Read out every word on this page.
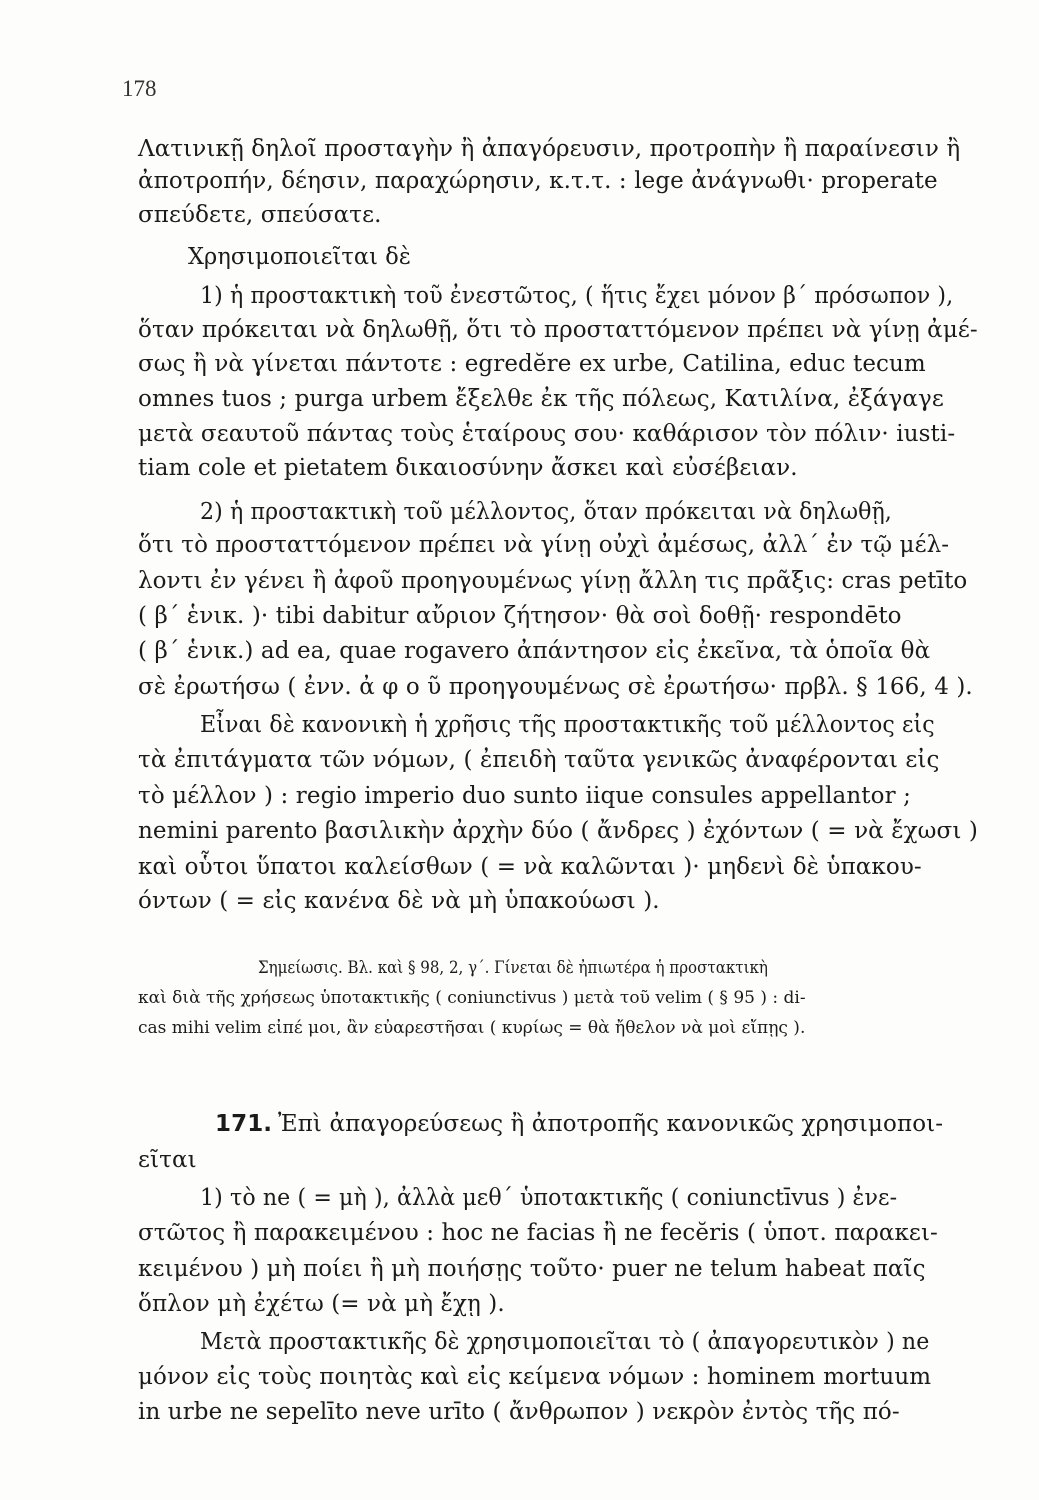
178
Λατινικῇ δηλοῖ προσταγὴν ἢ ἀπαγόρευσιν, προτροπὴν ἢ παραίνεσιν ἢ
ἀποτροπήν, δέησιν, παραχώρησιν, κ.τ.τ. : lege ἀνάγνωθι· properate
σπεύδετε, σπεύσατε.
Χρησιμοποιεῖται δὲ
1) ἡ προστακτικὴ τοῦ ἐνεστῶτος, ( ἥτις ἔχει μόνον β΄ πρόσωπον ),
ὅταν πρόκειται νὰ δηλωθῇ, ὅτι τὸ προσταττόμενον πρέπει νὰ γίνῃ ἀμέ-
σως ἢ νὰ γίνεται πάντοτε : egredĕre ex urbe, Catilina, educ tecum
omnes tuos ; purga urbem ἔξελθε ἐκ τῆς πόλεως, Κατιλίνα, ἐξάγαγε
μετὰ σεαυτοῦ πάντας τοὺς ἑταίρους σου· καθάρισον τὸν πόλιν· iusti-
tiam cole et pietatem δικαιοσύνην ἄσκει καὶ εὐσέβειαν.
2) ἡ προστακτικὴ τοῦ μέλλοντος, ὅταν πρόκειται νὰ δηλωθῇ,
ὅτι τὸ προσταττόμενον πρέπει νὰ γίνῃ οὐχὶ ἀμέσως, ἀλλ΄ ἐν τῷ μέλ-
λοντι ἐν γένει ἢ ἀφοῦ προηγουμένως γίνῃ ἄλλη τις πρᾶξις: cras petīto
( β΄ ἑνικ. )· tibi dabitur αὔριον ζήτησον· θὰ σοὶ δοθῇ· respondēto
( β΄ ἑνικ.) ad ea, quae rogavero ἀπάντησον εἰς ἐκεῖνα, τὰ ὁποῖα θὰ
σὲ ἐρωτήσω ( ἐνν. ἀ φ ο ῦ προηγουμένως σὲ ἐρωτήσω· πρβλ. § 166, 4 ).
Εἶναι δὲ κανονικὴ ἡ χρῆσις τῆς προστακτικῆς τοῦ μέλλοντος εἰς
τὰ ἐπιτάγματα τῶν νόμων, ( ἐπειδὴ ταῦτα γενικῶς ἀναφέρονται εἰς
τὸ μέλλον ) : regio imperio duo sunto iique consules appellantor ;
nemini parento βασιλικὴν ἀρχὴν δύο ( ἄνδρες ) ἐχόντων ( = νὰ ἔχωσι )
καὶ οὗτοι ὕπατοι καλείσθων ( = νὰ καλῶνται )· μηδενὶ δὲ ὑπακου-
όντων ( = εἰς κανένα δὲ νὰ μὴ ὑπακούωσι ).
Σημείωσις. Βλ. καὶ § 98, 2, γ΄. Γίνεται δὲ ἠπιωτέρα ἡ προστακτικὴ
καὶ διὰ τῆς χρήσεως ὑποτακτικῆς ( coniunctivus ) μετὰ τοῦ velim ( § 95 ) : di-
cas mihi velim εἰπέ μοι, ἂν εὐαρεστῆσαι ( κυρίως = θὰ ἤθελον νὰ μοὶ εἴπῃς ).
171. Ἐπὶ ἀπαγορεύσεως ἢ ἀποτροπῆς κανονικῶς χρησιμοποι-
εῖται
1) τὸ ne ( = μὴ ), ἀλλὰ μεθ΄ ὑποτακτικῆς ( coniunctīvus ) ἐνε-
στῶτος ἢ παρακειμένου : hoc ne facias ἢ ne fecĕris ( ὑποτ. παρακει-
κειμένου ) μὴ ποίει ἢ μὴ ποιήσῃς τοῦτο· puer ne telum habeat παῖς
ὅπλον μὴ ἐχέτω (= νὰ μὴ ἔχῃ ).
Μετὰ προστακτικῆς δὲ χρησιμοποιεῖται τὸ ( ἀπαγορευτικὸν ) ne
μόνον εἰς τοὺς ποιητὰς καὶ εἰς κείμενα νόμων : hominem mortuum
in urbe ne sepelīto neve urīto ( ἄνθρωπον ) νεκρὸν ἐντὸς τῆς πό-
